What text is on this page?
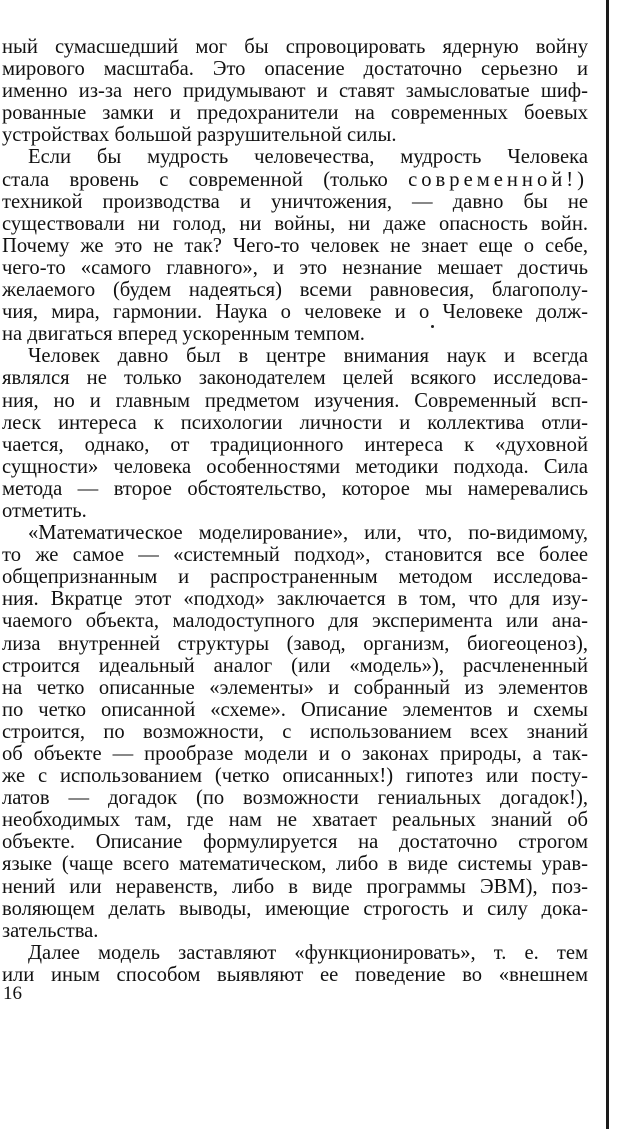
ный сумасшедший мог бы спровоцировать ядерную войну

мирового масштаба. Это опасение достаточно серьезно и

именно из-за него придумывают и ставят замысловатые шиф-

рованные замки и предохранители на современных боевых

устройствах большой разрушительной силы.

Если бы мудрость человечества, мудрость Человека

стала вровень с современной (только современной!)

техникой производства и уничтожения, — давно бы не

существовали ни голод, ни войны, ни даже опасность войн.

Почему же это не так? Чего-то человек не знает еще о себе,

чего-то «самого главного», и это незнание мешает достичь

желаемого (будем надеяться) всеми равновесия, благополу-

чия, мира, гармонии. Наука о человеке и о Человеке долж-

на двигаться вперед ускоренным темпом.

Человек давно был в центре внимания наук и всегда

являлся не только законодателем целей всякого исследова-

ния, но и главным предметом изучения. Современный всп-

леск интереса к психологии личности и коллектива отли-

чается, однако, от традиционного интереса к «духовной

сущности» человека особенностями методики подхода. Сила

метода — второе обстоятельство, которое мы намеревались

отметить.

«Математическое моделирование», или, что, по-видимому,

то же самое — «системный подход», становится все более

общепризнанным и распространенным методом исследова-

ния. Вкратце этот «подход» заключается в том, что для изу-

чаемого объекта, малодоступного для эксперимента или ана-

лиза внутренней структуры (завод, организм, биогеоценоз),

строится идеальный аналог (или «модель»), расчлененный

на четко описанные «элементы» и собранный из элементов

по четко описанной «схеме». Описание элементов и схемы

строится, по возможности, с использованием всех знаний

об объекте — прообразе модели и о законах природы, а так-

же с использованием (четко описанных!) гипотез или посту-

латов — догадок (по возможности гениальных догадок!),

необходимых там, где нам не хватает реальных знаний об

объекте. Описание формулируется на достаточно строгом

языке (чаще всего математическом, либо в виде системы урав-

нений или неравенств, либо в виде программы ЭВМ), поз-

воляющем делать выводы, имеющие строгость и силу дока-

зательства.

Далее модель заставляют «функционировать», т. е. тем

или иным способом выявляют ее поведение во «внешнем

16
